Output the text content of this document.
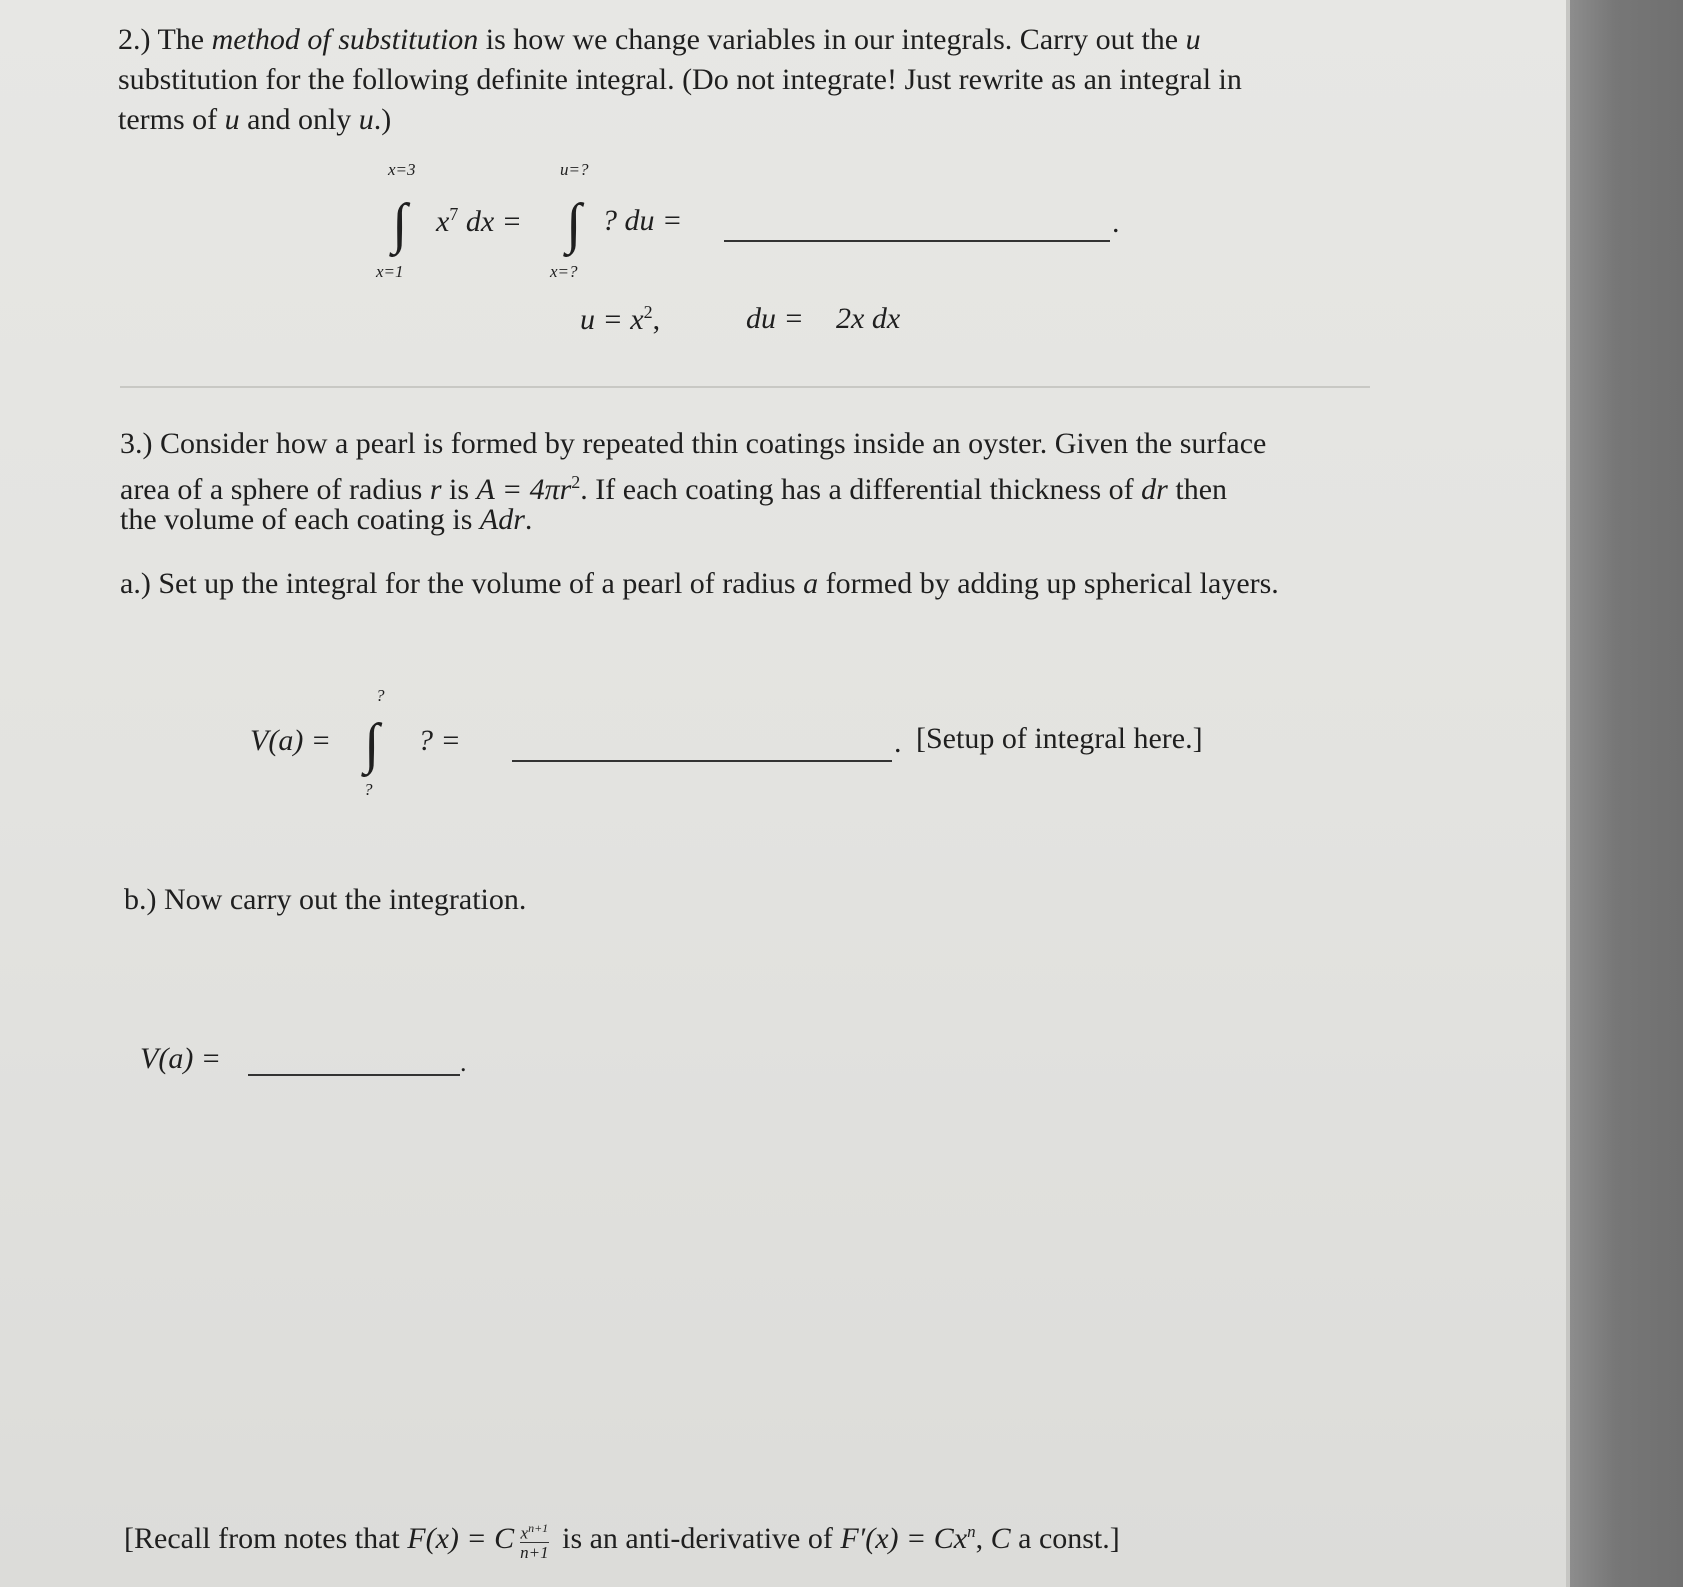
2.) The method of substitution is how we change variables in our integrals. Carry out the u

substitution for the following definite integral. (Do not integrate! Just rewrite as an integral in

terms of u and only u.)

x=3
∫
x=1
$x^7$ dx =
u=?
∫
x=?
? du =	.
$u = x^2$,	du = 2x dx

3.) Consider how a pearl is formed by repeated thin coatings inside an oyster. Given the surface

area of a sphere of radius r is $A = 4\pi r^2$. If each coating has a differential thickness of dr then

the volume of each coating is Adr.

a.) Set up the integral for the volume of a pearl of radius a formed by adding up spherical layers.

V(a) =
?
∫
?
? =	. [Setup of integral here.]

b.) Now carry out the integration.

V(a) =	.
[Recall from notes that F(x) = C $\frac{x^{n+1}}{n+1}$ is an anti-derivative of $F'(x) = Cx^n$, C a const.]
